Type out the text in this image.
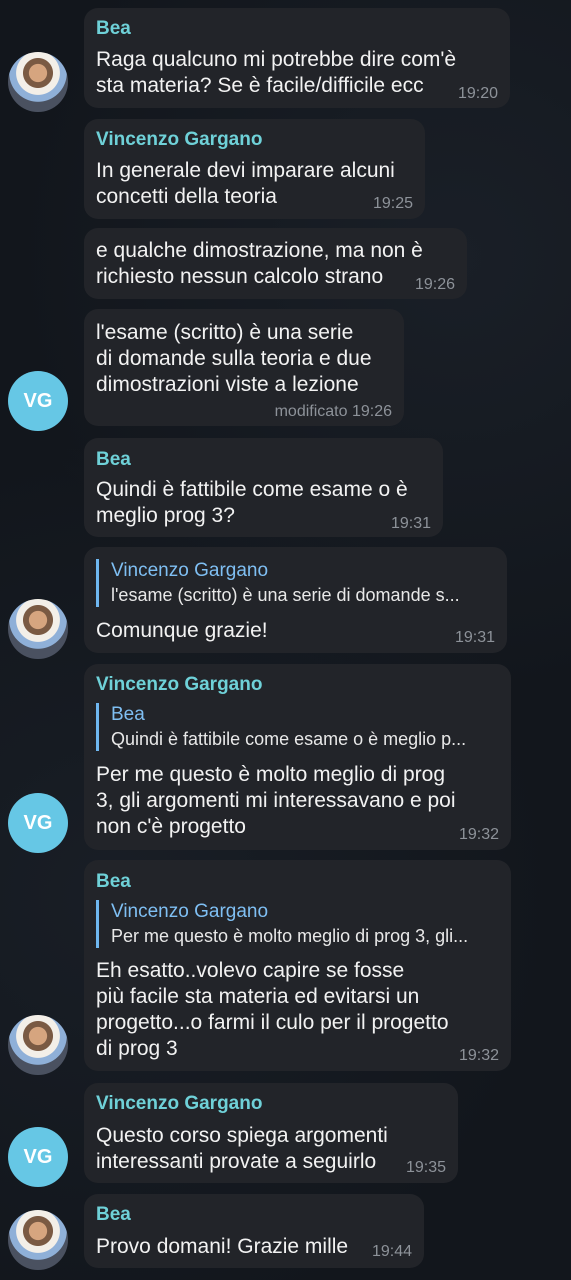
Bea
Raga qualcuno mi potrebbe dire com'è
sta materia? Se è facile/difficile ecc	19:20
Vincenzo Gargano
In generale devi imparare alcuni
concetti della teoria	19:25
e qualche dimostrazione, ma non è
richiesto nessun calcolo strano	19:26
l'esame (scritto) è una serie
di domande sulla teoria e due
dimostrazioni viste a lezione
modificato 19:26
VG
Bea
Quindi è fattibile come esame o è
meglio prog 3?	19:31
Vincenzo Gargano
l'esame (scritto) è una serie di domande s...
Comunque grazie!	19:31
Vincenzo Gargano
Bea
Quindi è fattibile come esame o è meglio p...
Per me questo è molto meglio di prog
3, gli argomenti mi interessavano e poi
non c'è progetto	19:32
VG
Bea
Vincenzo Gargano
Per me questo è molto meglio di prog 3, gli...
Eh esatto..volevo capire se fosse
più facile sta materia ed evitarsi un
progetto...o farmi il culo per il progetto
di prog 3	19:32
Vincenzo Gargano
Questo corso spiega argomenti
interessanti provate a seguirlo	19:35
VG
Bea
Provo domani! Grazie mille 19:44
